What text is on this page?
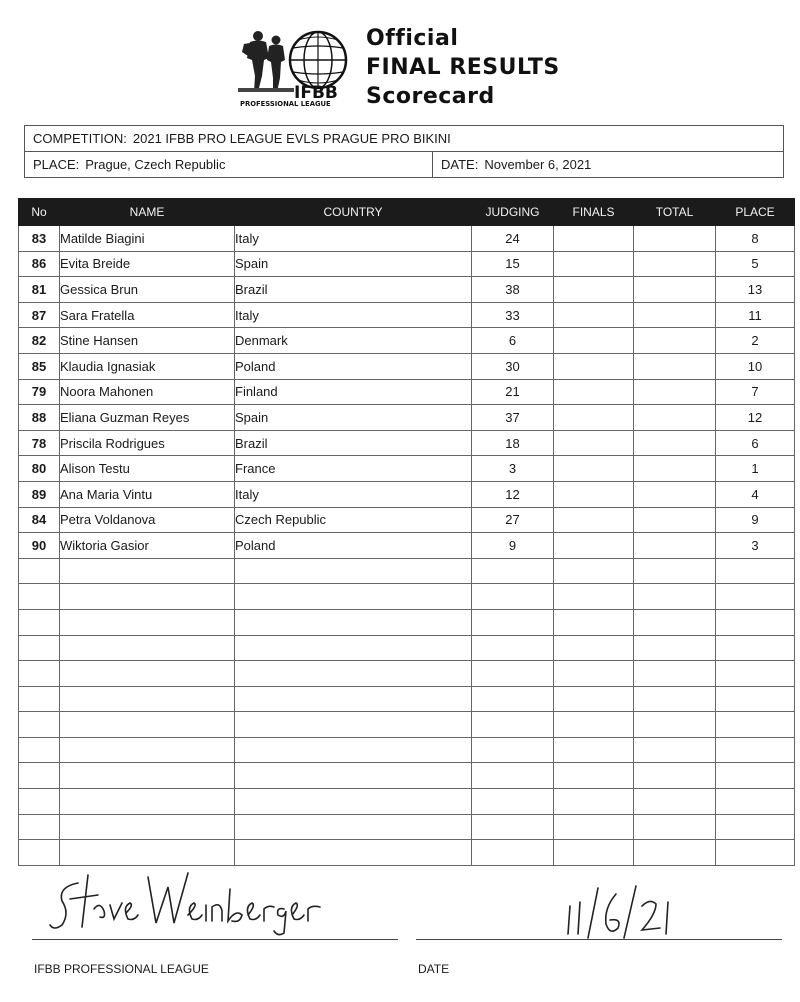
IFBB
PROFESSIONAL LEAGUE
Official
FINAL RESULTS
Scorecard
COMPETITION: 2021 IFBB PRO LEAGUE EVLS PRAGUE PRO BIKINI
PLACE: Prague, Czech Republic	DATE: November 6, 2021
No	NAME	COUNTRY	JUDGING	FINALS	TOTAL	PLACE
83	Matilde Biagini	Italy	24			8
86	Evita Breide	Spain	15			5
81	Gessica Brun	Brazil	38			13
87	Sara Fratella	Italy	33			11
82	Stine Hansen	Denmark	6			2
85	Klaudia Ignasiak	Poland	30			10
79	Noora Mahonen	Finland	21			7
88	Eliana Guzman Reyes	Spain	37			12
78	Priscila Rodrigues	Brazil	18			6
80	Alison Testu	France	3			1
89	Ana Maria Vintu	Italy	12			4
84	Petra Voldanova	Czech Republic	27			9
90	Wiktoria Gasior	Poland	9			3

IFBB PROFESSIONAL LEAGUE	DATE
